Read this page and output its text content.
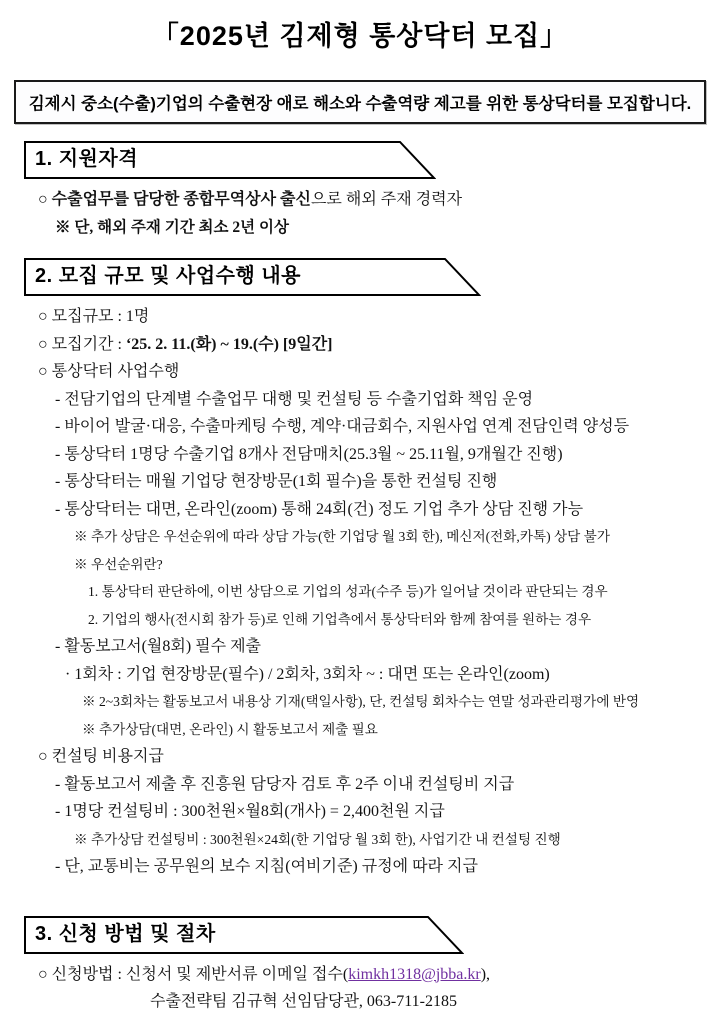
「2025년 김제형 통상닥터 모집」
김제시 중소(수출)기업의 수출현장 애로 해소와 수출역량 제고를 위한 통상닥터를 모집합니다.
1. 지원자격
○ 수출업무를 담당한 종합무역상사 출신으로 해외 주재 경력자
※ 단, 해외 주재 기간 최소 2년 이상
2. 모집 규모 및 사업수행 내용
○ 모집규모 : 1명
○ 모집기간 : ‘25. 2. 11.(화) ~ 19.(수) [9일간]
○ 통상닥터 사업수행
- 전담기업의 단계별 수출업무 대행 및 컨설팅 등 수출기업화 책임 운영
- 바이어 발굴·대응, 수출마케팅 수행, 계약·대금회수, 지원사업 연계 전담인력 양성등
- 통상닥터 1명당 수출기업 8개사 전담매치(25.3월 ~ 25.11월, 9개월간 진행)
- 통상닥터는 매월 기업당 현장방문(1회 필수)을 통한 컨설팅 진행
- 통상닥터는 대면, 온라인(zoom) 통해 24회(건) 정도 기업 추가 상담 진행 가능
※ 추가 상담은 우선순위에 따라 상담 가능(한 기업당 월 3회 한), 메신저(전화,카톡) 상담 불가
※ 우선순위란?
1. 통상닥터 판단하에, 이번 상담으로 기업의 성과(수주 등)가 일어날 것이라 판단되는 경우
2. 기업의 행사(전시회 참가 등)로 인해 기업측에서 통상닥터와 함께 참여를 원하는 경우
- 활동보고서(월8회) 필수 제출
· 1회차 : 기업 현장방문(필수) / 2회차, 3회차 ~ : 대면 또는 온라인(zoom)
※ 2~3회차는 활동보고서 내용상 기재(택일사항), 단, 컨설팅 회차수는 연말 성과관리평가에 반영
※ 추가상담(대면, 온라인) 시 활동보고서 제출 필요
○ 컨설팅 비용지급
- 활동보고서 제출 후 진흥원 담당자 검토 후 2주 이내 컨설팅비 지급
- 1명당 컨설팅비 : 300천원×월8회(개사) = 2,400천원 지급
※ 추가상담 컨설팅비 : 300천원×24회(한 기업당 월 3회 한), 사업기간 내 컨설팅 진행
- 단, 교통비는 공무원의 보수 지침(여비기준) 규정에 따라 지급
3. 신청 방법 및 절차
○ 신청방법 : 신청서 및 제반서류 이메일 접수(kimkh1318@jbba.kr),
수출전략팀 김규혁 선임담당관, 063-711-2185
